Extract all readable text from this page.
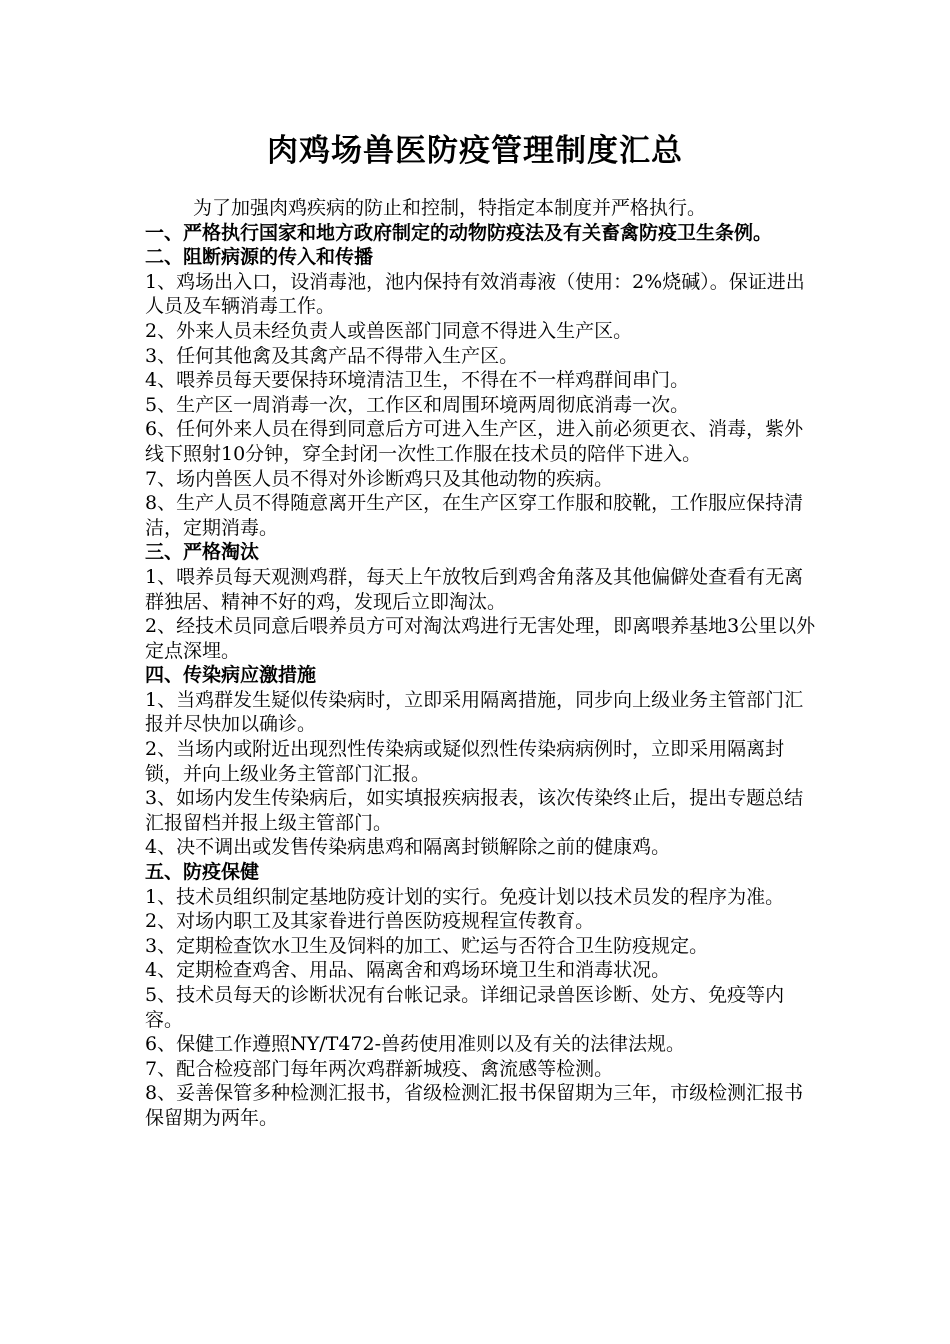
肉鸡场兽医防疫管理制度汇总

为了加强肉鸡疾病的防止和控制，特指定本制度并严格执行。

一、严格执行国家和地方政府制定的动物防疫法及有关畜禽防疫卫生条例。

二、阻断病源的传入和传播

1、鸡场出入口，设消毒池，池内保持有效消毒液（使用：2%烧碱）。保证进出人员及车辆消毒工作。

2、外来人员未经负责人或兽医部门同意不得进入生产区。

3、任何其他禽及其禽产品不得带入生产区。

4、喂养员每天要保持环境清洁卫生，不得在不一样鸡群间串门。

5、生产区一周消毒一次，工作区和周围环境两周彻底消毒一次。

6、任何外来人员在得到同意后方可进入生产区，进入前必须更衣、消毒，紫外线下照射10分钟，穿全封闭一次性工作服在技术员的陪伴下进入。

7、场内兽医人员不得对外诊断鸡只及其他动物的疾病。

8、生产人员不得随意离开生产区，在生产区穿工作服和胶靴，工作服应保持清洁，定期消毒。

三、严格淘汰

1、喂养员每天观测鸡群，每天上午放牧后到鸡舍角落及其他偏僻处查看有无离群独居、精神不好的鸡，发现后立即淘汰。

2、经技术员同意后喂养员方可对淘汰鸡进行无害处理，即离喂养基地3公里以外定点深埋。

四、传染病应激措施

1、当鸡群发生疑似传染病时，立即采用隔离措施，同步向上级业务主管部门汇报并尽快加以确诊。

2、当场内或附近出现烈性传染病或疑似烈性传染病病例时，立即采用隔离封锁，并向上级业务主管部门汇报。

3、如场内发生传染病后，如实填报疾病报表，该次传染终止后，提出专题总结汇报留档并报上级主管部门。

4、决不调出或发售传染病患鸡和隔离封锁解除之前的健康鸡。

五、防疫保健

1、技术员组织制定基地防疫计划的实行。免疫计划以技术员发的程序为准。

2、对场内职工及其家眷进行兽医防疫规程宣传教育。

3、定期检查饮水卫生及饲料的加工、贮运与否符合卫生防疫规定。

4、定期检查鸡舍、用品、隔离舍和鸡场环境卫生和消毒状况。

5、技术员每天的诊断状况有台帐记录。详细记录兽医诊断、处方、免疫等内容。

6、保健工作遵照NY/T472-兽药使用准则以及有关的法律法规。

7、配合检疫部门每年两次鸡群新城疫、禽流感等检测。

8、妥善保管多种检测汇报书，省级检测汇报书保留期为三年，市级检测汇报书保留期为两年。
